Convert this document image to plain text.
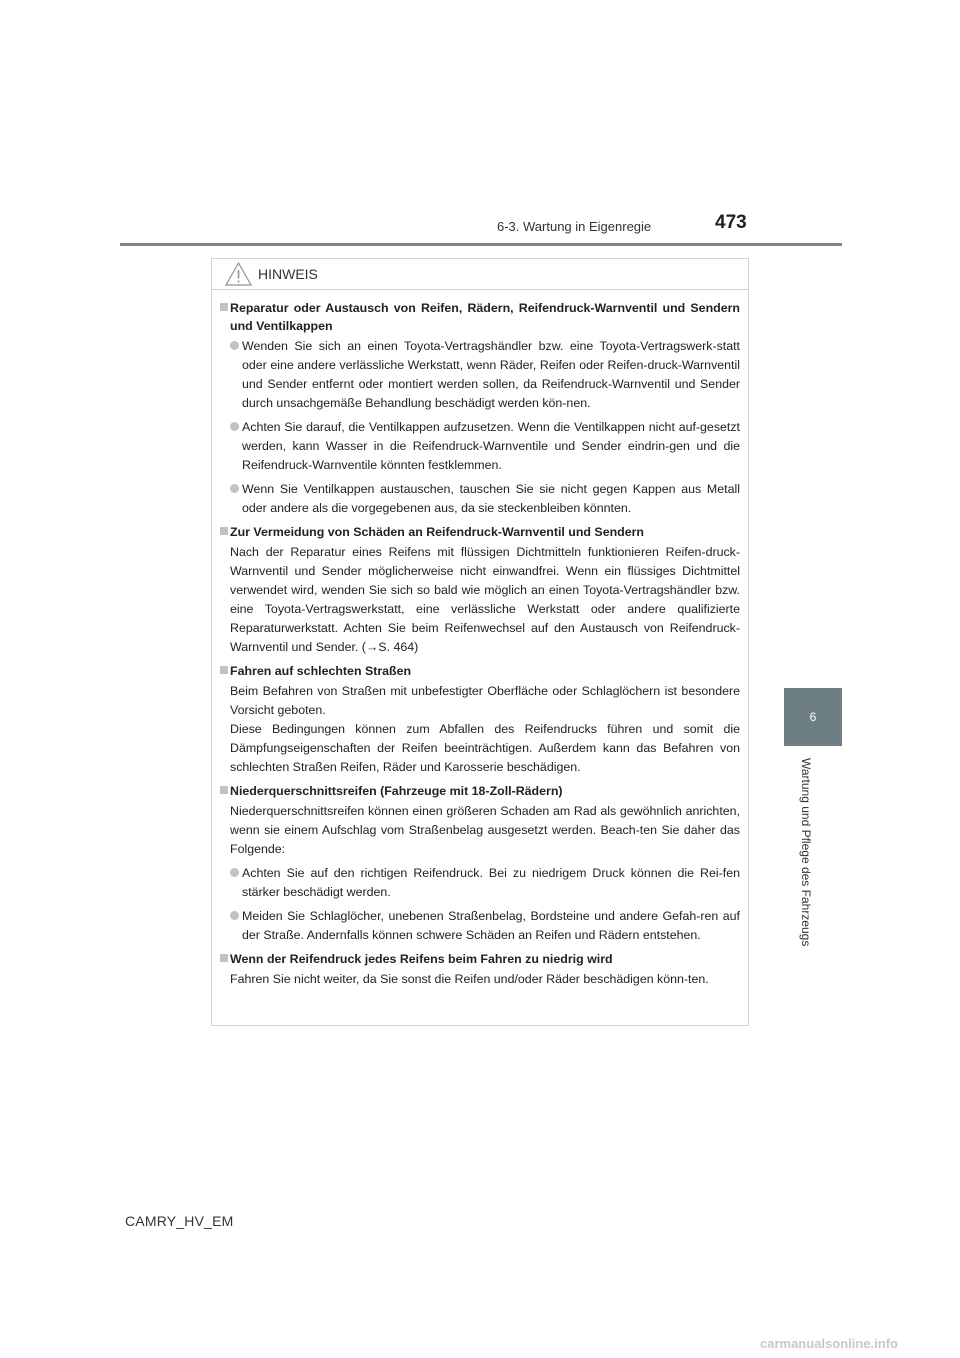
6-3. Wartung in Eigenregie	473
6
Wartung und Pflege des Fahrzeugs
HINWEIS
Reparatur oder Austausch von Reifen, Rädern, Reifendruck-Warnventil und Sendern und Ventilkappen
Wenden Sie sich an einen Toyota-Vertragshändler bzw. eine Toyota-Vertragswerk-statt oder eine andere verlässliche Werkstatt, wenn Räder, Reifen oder Reifen-druck-Warnventil und Sender entfernt oder montiert werden sollen, da Reifendruck-Warnventil und Sender durch unsachgemäße Behandlung beschädigt werden kön-nen.
Achten Sie darauf, die Ventilkappen aufzusetzen. Wenn die Ventilkappen nicht auf-gesetzt werden, kann Wasser in die Reifendruck-Warnventile und Sender eindrin-gen und die Reifendruck-Warnventile könnten festklemmen.
Wenn Sie Ventilkappen austauschen, tauschen Sie sie nicht gegen Kappen aus Metall oder andere als die vorgegebenen aus, da sie steckenbleiben könnten.
Zur Vermeidung von Schäden an Reifendruck-Warnventil und Sendern
Nach der Reparatur eines Reifens mit flüssigen Dichtmitteln funktionieren Reifen-druck-Warnventil und Sender möglicherweise nicht einwandfrei. Wenn ein flüssiges Dichtmittel verwendet wird, wenden Sie sich so bald wie möglich an einen Toyota-Vertragshändler bzw. eine Toyota-Vertragswerkstatt, eine verlässliche Werkstatt oder andere qualifizierte Reparaturwerkstatt. Achten Sie beim Reifenwechsel auf den Austausch von Reifendruck-Warnventil und Sender. (→S. 464)
Fahren auf schlechten Straßen
Beim Befahren von Straßen mit unbefestigter Oberfläche oder Schlaglöchern ist besondere Vorsicht geboten.
Diese Bedingungen können zum Abfallen des Reifendrucks führen und somit die Dämpfungseigenschaften der Reifen beeinträchtigen. Außerdem kann das Befahren von schlechten Straßen Reifen, Räder und Karosserie beschädigen.
Niederquerschnittsreifen (Fahrzeuge mit 18-Zoll-Rädern)
Niederquerschnittsreifen können einen größeren Schaden am Rad als gewöhnlich anrichten, wenn sie einem Aufschlag vom Straßenbelag ausgesetzt werden. Beach-ten Sie daher das Folgende:
Achten Sie auf den richtigen Reifendruck. Bei zu niedrigem Druck können die Rei-fen stärker beschädigt werden.
Meiden Sie Schlaglöcher, unebenen Straßenbelag, Bordsteine und andere Gefah-ren auf der Straße. Andernfalls können schwere Schäden an Reifen und Rädern entstehen.
Wenn der Reifendruck jedes Reifens beim Fahren zu niedrig wird
Fahren Sie nicht weiter, da Sie sonst die Reifen und/oder Räder beschädigen könn-ten.
CAMRY_HV_EM
carmanualsonline.info
